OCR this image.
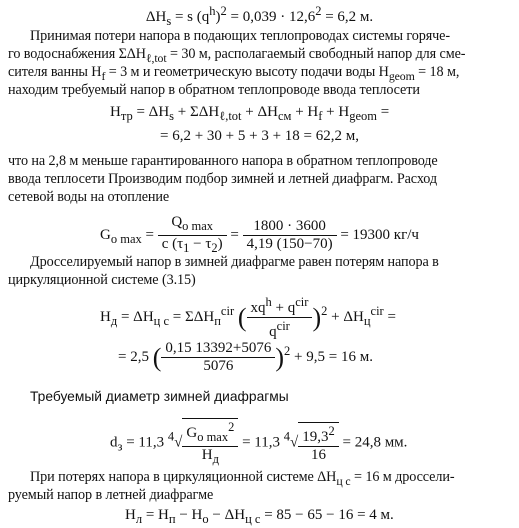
$\Delta H_s = s$ $(q^h)^2 = 0,039 \cdot 12,6^2 = 6,2$ м.
Принимая потери напора в подающих теплопроводах системы горяче-
го водоснабжения $\Sigma\Delta H_{\ell,tot} = 30$ м, располагаемый свободный напор для сме-
сителя ванны $H_f = 3$ м и геометрическую высоту подачи воды $H_{geom} = 18$ м,
находим требуемый напор в обратном теплопроводе ввода теплосети
$H_{тр} = \Delta H_s + \Sigma\Delta H_{\ell,tot} + \Delta H_{см} + H_f + H_{geom}$ =
= 6,2 + 30 + 5 + 3 + 18 = 62,2 м,
что на 2,8 м меньше гарантированного напора в обратном теплопроводе
ввода теплосети Производим подбор зимней и летней диафрагм. Расход
сетевой воды на отопление
$G_{o max}$ =
$Q_{o max}$
c $(\tau_1 - \tau_2)$
= $\frac{1800 \cdot 3600}{4,19 (150-70)} = 19300$ кг/ч
Дросселируемый напор в зимней диафрагме равен потерям напора в
циркуляционной системе (3.15)
$H_д = \Delta H_{ц с} = \Sigma\Delta H_п^{cir}$ ( $xq^h + q^{cir}$
$q^{cir}$ )$^2 + \Delta H_ц^{cir}$ =
= 2,5 ( $\frac{0,15 13392+5076}{5076} )^2 + 9,5 = 16$ м.
Требуемый диаметр зимней диафрагмы
$d_з = 11,3$ $^4$√
$G_{o max}^2$
$H_д$
= 11,3 $^4√ \frac{19,3^2}{16} = 24,8$ мм.
При потерях напора в циркуляционной системе $\Delta H_{ц с} = 16$ м дроссели-
руемый напор в летней диафрагме
$H_л = H_п - H_о - \Delta H_{ц с} = 85 - 65 - 16 = 4$ м.
